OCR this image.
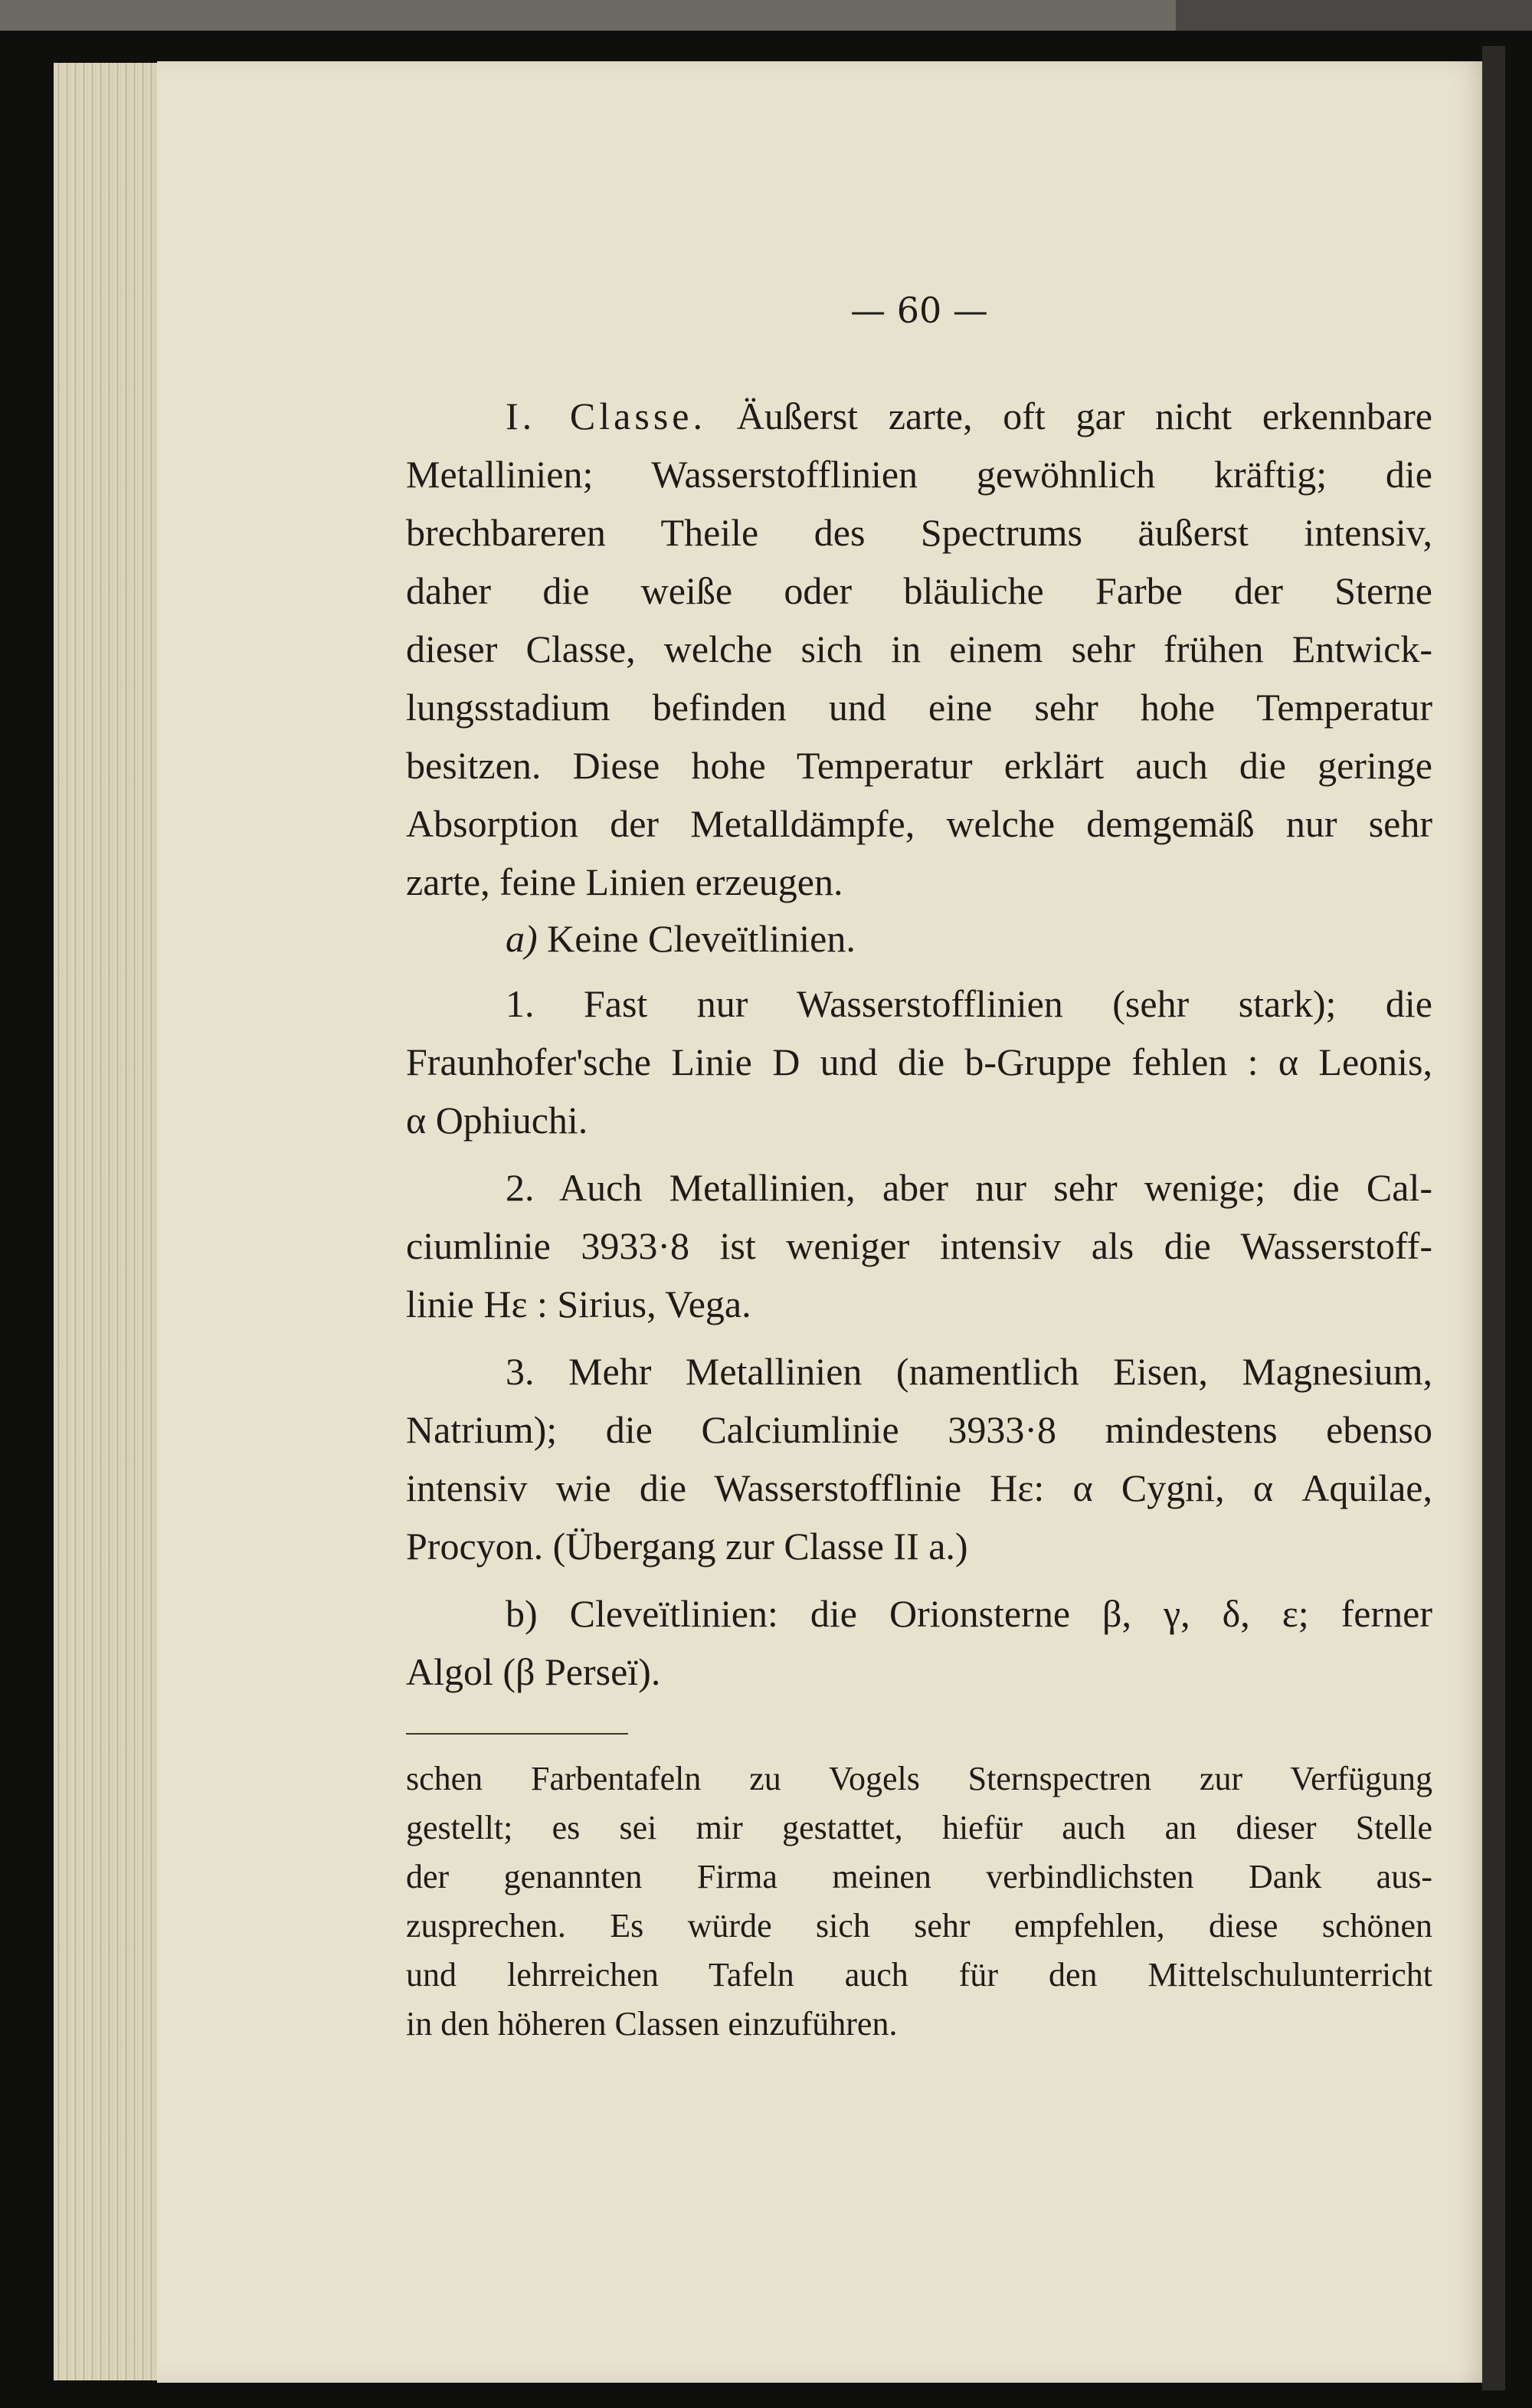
— 60 —
I. Classe. Äußerst zarte, oft gar nicht erkennbare
Metallinien; Wasserstofflinien gewöhnlich kräftig; die
brechbareren Theile des Spectrums äußerst intensiv,
daher die weiße oder bläuliche Farbe der Sterne
dieser Classe, welche sich in einem sehr frühen Entwick-
lungsstadium befinden und eine sehr hohe Temperatur
besitzen. Diese hohe Temperatur erklärt auch die geringe
Absorption der Metalldämpfe, welche demgemäß nur sehr
zarte, feine Linien erzeugen.
a) Keine Cleveïtlinien.
1. Fast nur Wasserstofflinien (sehr stark); die
Fraunhofer'sche Linie D und die b-Gruppe fehlen : α Leonis,
α Ophiuchi.
2. Auch Metallinien, aber nur sehr wenige; die Cal-
ciumlinie 3933·8 ist weniger intensiv als die Wasserstoff-
linie Hε : Sirius, Vega.
3. Mehr Metallinien (namentlich Eisen, Magnesium,
Natrium); die Calciumlinie 3933·8 mindestens ebenso
intensiv wie die Wasserstofflinie Hε: α Cygni, α Aquilae,
Procyon. (Übergang zur Classe II a.)
b) Cleveïtlinien: die Orionsterne β, γ, δ, ε; ferner
Algol (β Perseï).
schen Farbentafeln zu Vogels Sternspectren zur Verfügung
gestellt; es sei mir gestattet, hiefür auch an dieser Stelle
der genannten Firma meinen verbindlichsten Dank aus-
zusprechen. Es würde sich sehr empfehlen, diese schönen
und lehrreichen Tafeln auch für den Mittelschulunterricht
in den höheren Classen einzuführen.
